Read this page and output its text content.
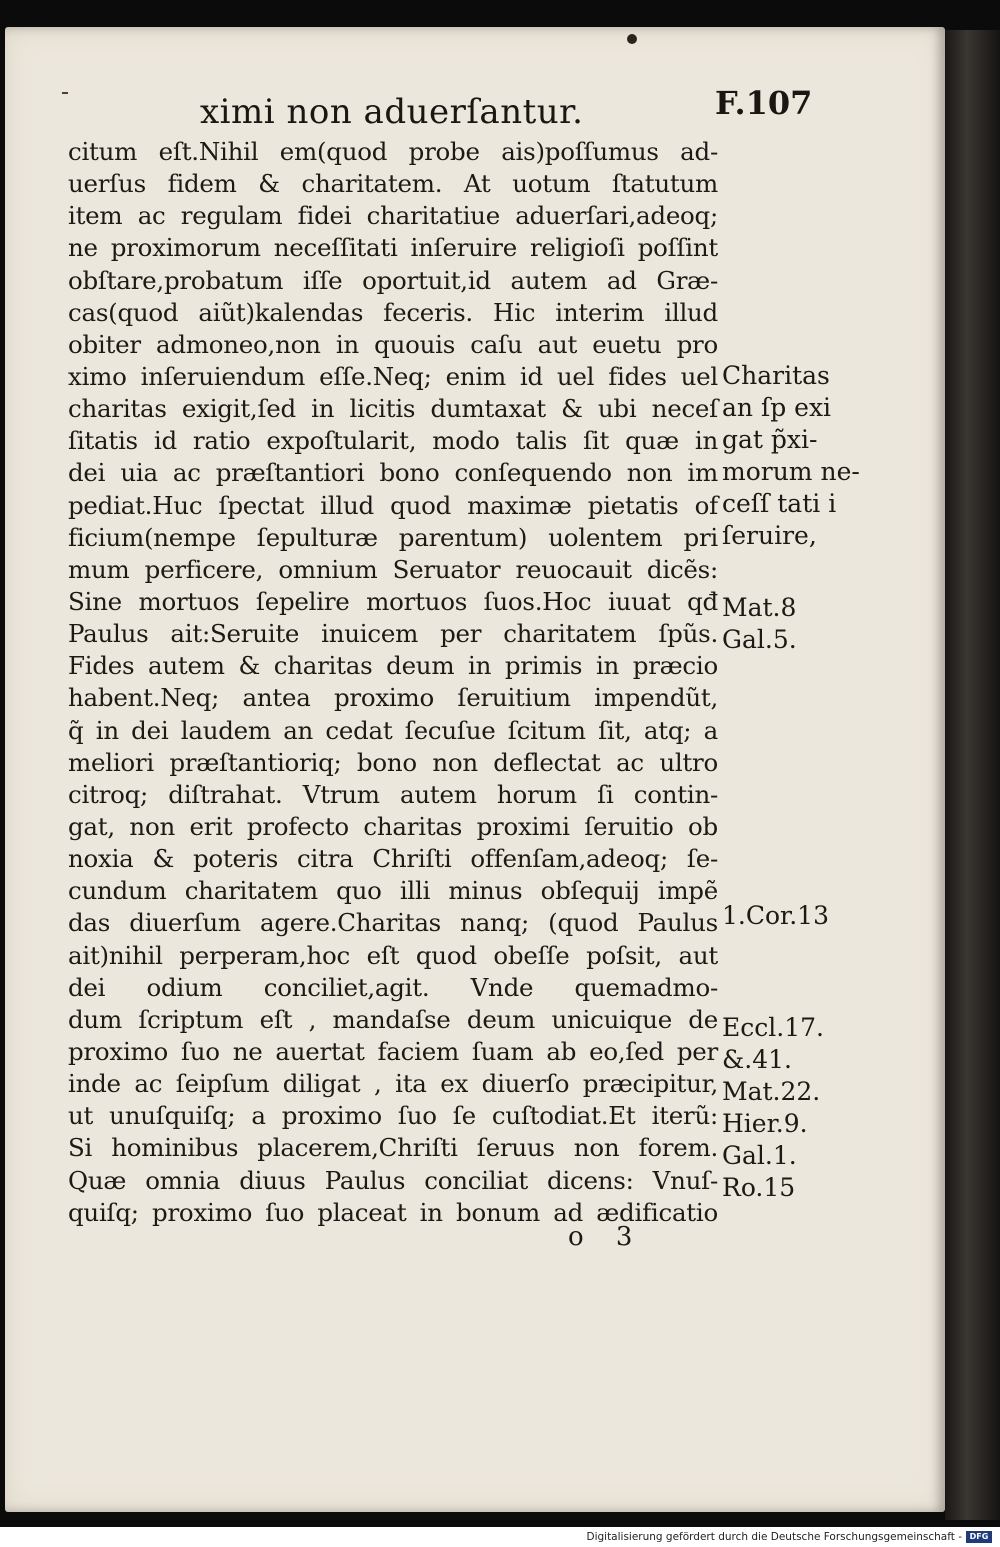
ximi non aduerſantur.	F.107
citum eſt.Nihil em(quod probe ais)poſſumus ad-
uerſus fidem & charitatem. At uotum ſtatutum
item ac regulam fidei charitatiue aduerſari,adeoq;
ne proximorum neceſſitati inſeruire religioſi poſſint
obſtare,probatum iſſe oportuit,id autem ad Græ-
cas(quod aiũt)kalendas feceris. Hic interim illud
obiter admoneo,non in quouis caſu aut euetu pro
ximo inſeruiendum eſſe.Neq; enim id uel fides uel
charitas exigit,ſed in licitis dumtaxat & ubi neceſ
ſitatis id ratio expoſtularit, modo talis ſit quæ in
dei uia ac præſtantiori bono conſequendo non im
pediat.Huc ſpectat illud quod maximæ pietatis of
ficium(nempe ſepulturæ parentum) uolentem pri
mum perficere, omnium Seruator reuocauit dicẽs:
Sine mortuos ſepelire mortuos ſuos.Hoc iuuat qđ
Paulus ait:Seruite inuicem per charitatem ſpũs.
Fides autem & charitas deum in primis in præcio
habent.Neq; antea proximo ſeruitium impendũt,
q̃ in dei laudem an cedat ſecuſue ſcitum ſit, atq; a
meliori præſtantioriq; bono non deflectat ac ultro
citroq; diſtrahat. Vtrum autem horum ſi contin-
gat, non erit profecto charitas proximi ſeruitio ob
noxia & poteris citra Chriſti offenſam,adeoq; ſe-
cundum charitatem quo illi minus obſequij impẽ
das diuerſum agere.Charitas nanq; (quod Paulus
ait)nihil perperam,hoc eſt quod obeſſe poſsit, aut
dei odium conciliet,agit. Vnde quemadmo-
dum ſcriptum eſt , mandaſse deum unicuique de
proximo ſuo ne auertat faciem ſuam ab eo,ſed per
inde ac ſeipſum diligat , ita ex diuerſo præcipitur,
ut unuſquiſq; a proximo ſuo ſe cuſtodiat.Et iterũ:
Si hominibus placerem,Chriſti ſeruus non forem.
Quæ omnia diuus Paulus conciliat dicens: Vnuſ-
quiſq; proximo ſuo placeat in bonum ad ædificatio
Charitas
an ſp exi
gat p̃xi-
morum ne-
ceſſ tati i
ſeruire,
Mat.8
Gal.5.
1.Cor.13
Eccl.17.
&.41.
Mat.22.
Hier.9.
Gal.1.
Ro.15
o 3
Digitalisierung gefördert durch die Deutsche Forschungsgemeinschaft - DFG
